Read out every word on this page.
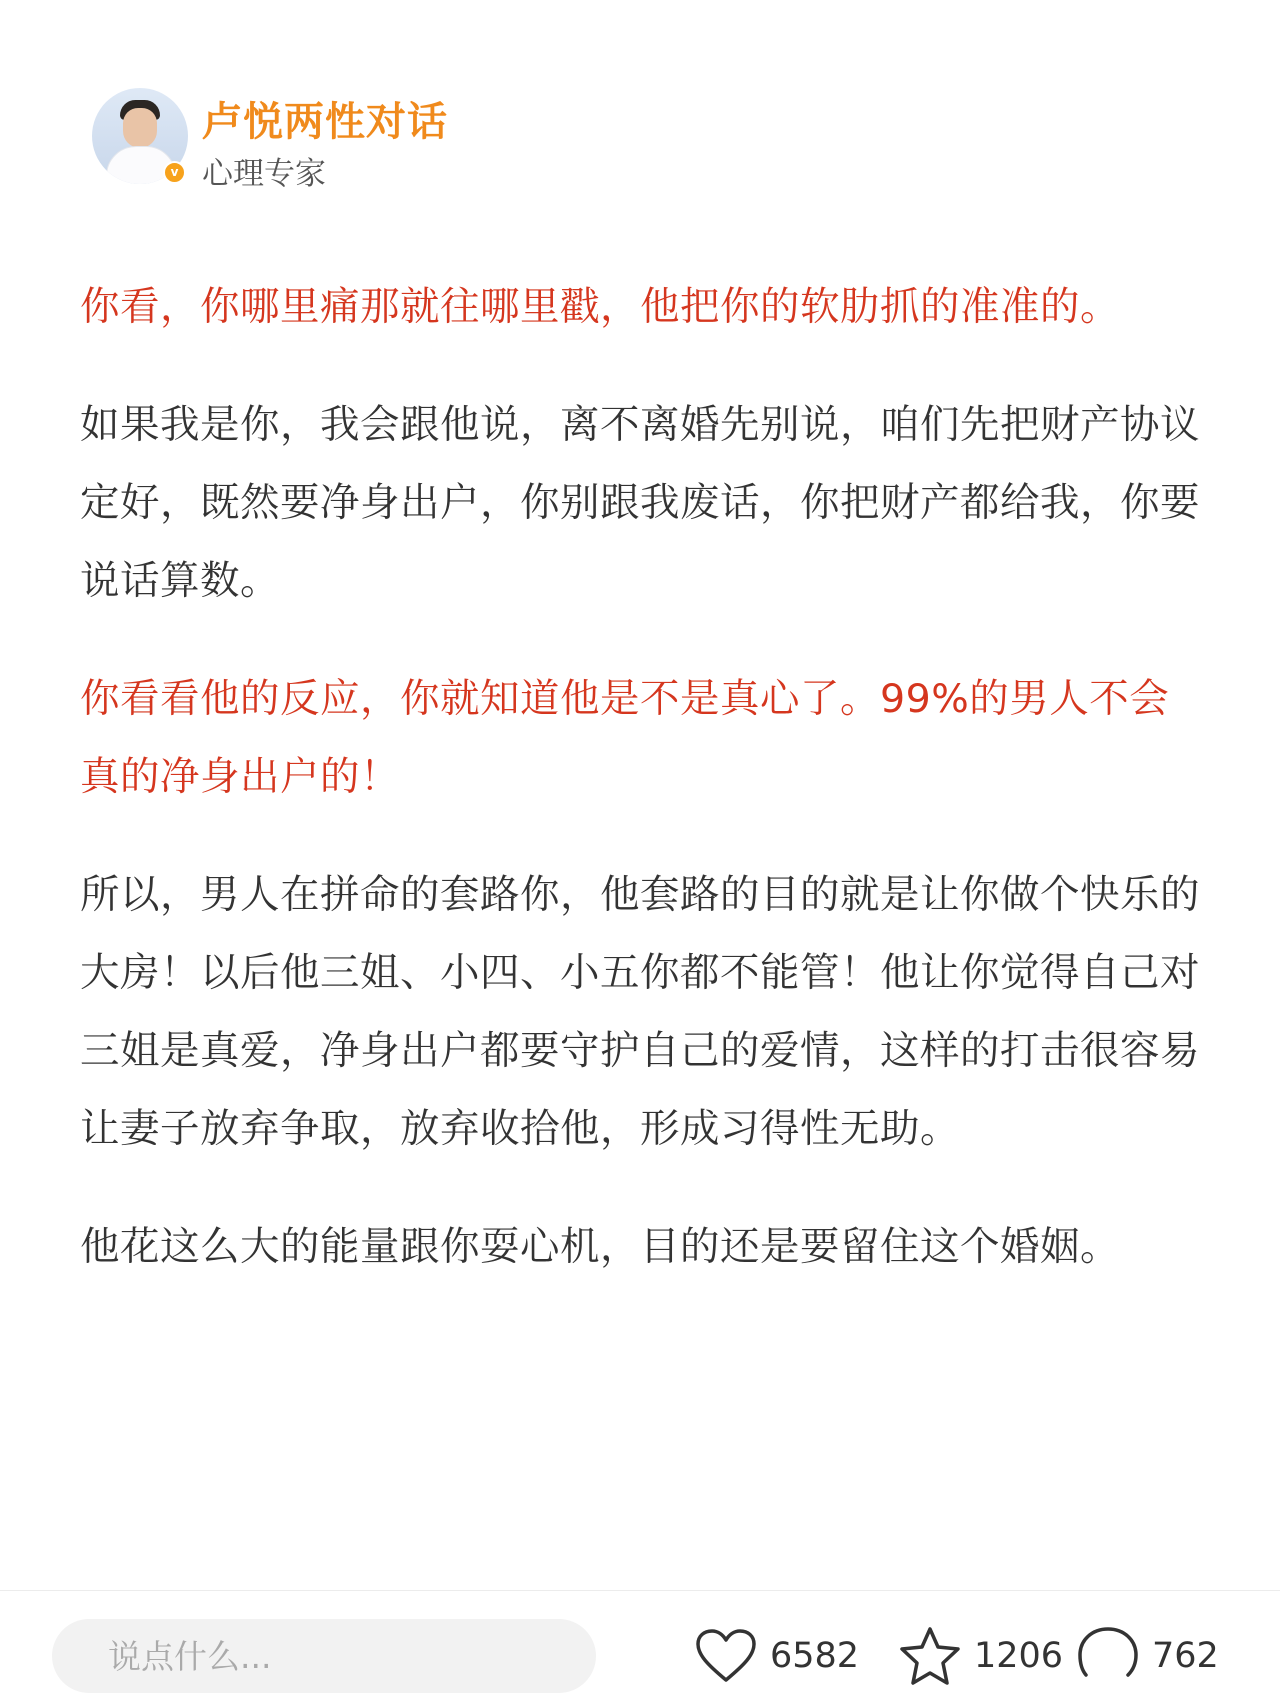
v
卢悦两性对话
心理专家

你看，你哪里痛那就往哪里戳，他把你的软肋抓的准准的。

如果我是你，我会跟他说，离不离婚先别说，咱们先把财产协议定好，既然要净身出户，你别跟我废话，你把财产都给我，你要说话算数。

你看看他的反应，你就知道他是不是真心了。99%的男人不会真的净身出户的！

所以，男人在拼命的套路你，他套路的目的就是让你做个快乐的大房！以后他三姐、小四、小五你都不能管！他让你觉得自己对三姐是真爱，净身出户都要守护自己的爱情，这样的打击很容易让妻子放弃争取，放弃收拾他，形成习得性无助。

他花这么大的能量跟你耍心机，目的还是要留住这个婚姻。

说点什么...
6582	1206	762
